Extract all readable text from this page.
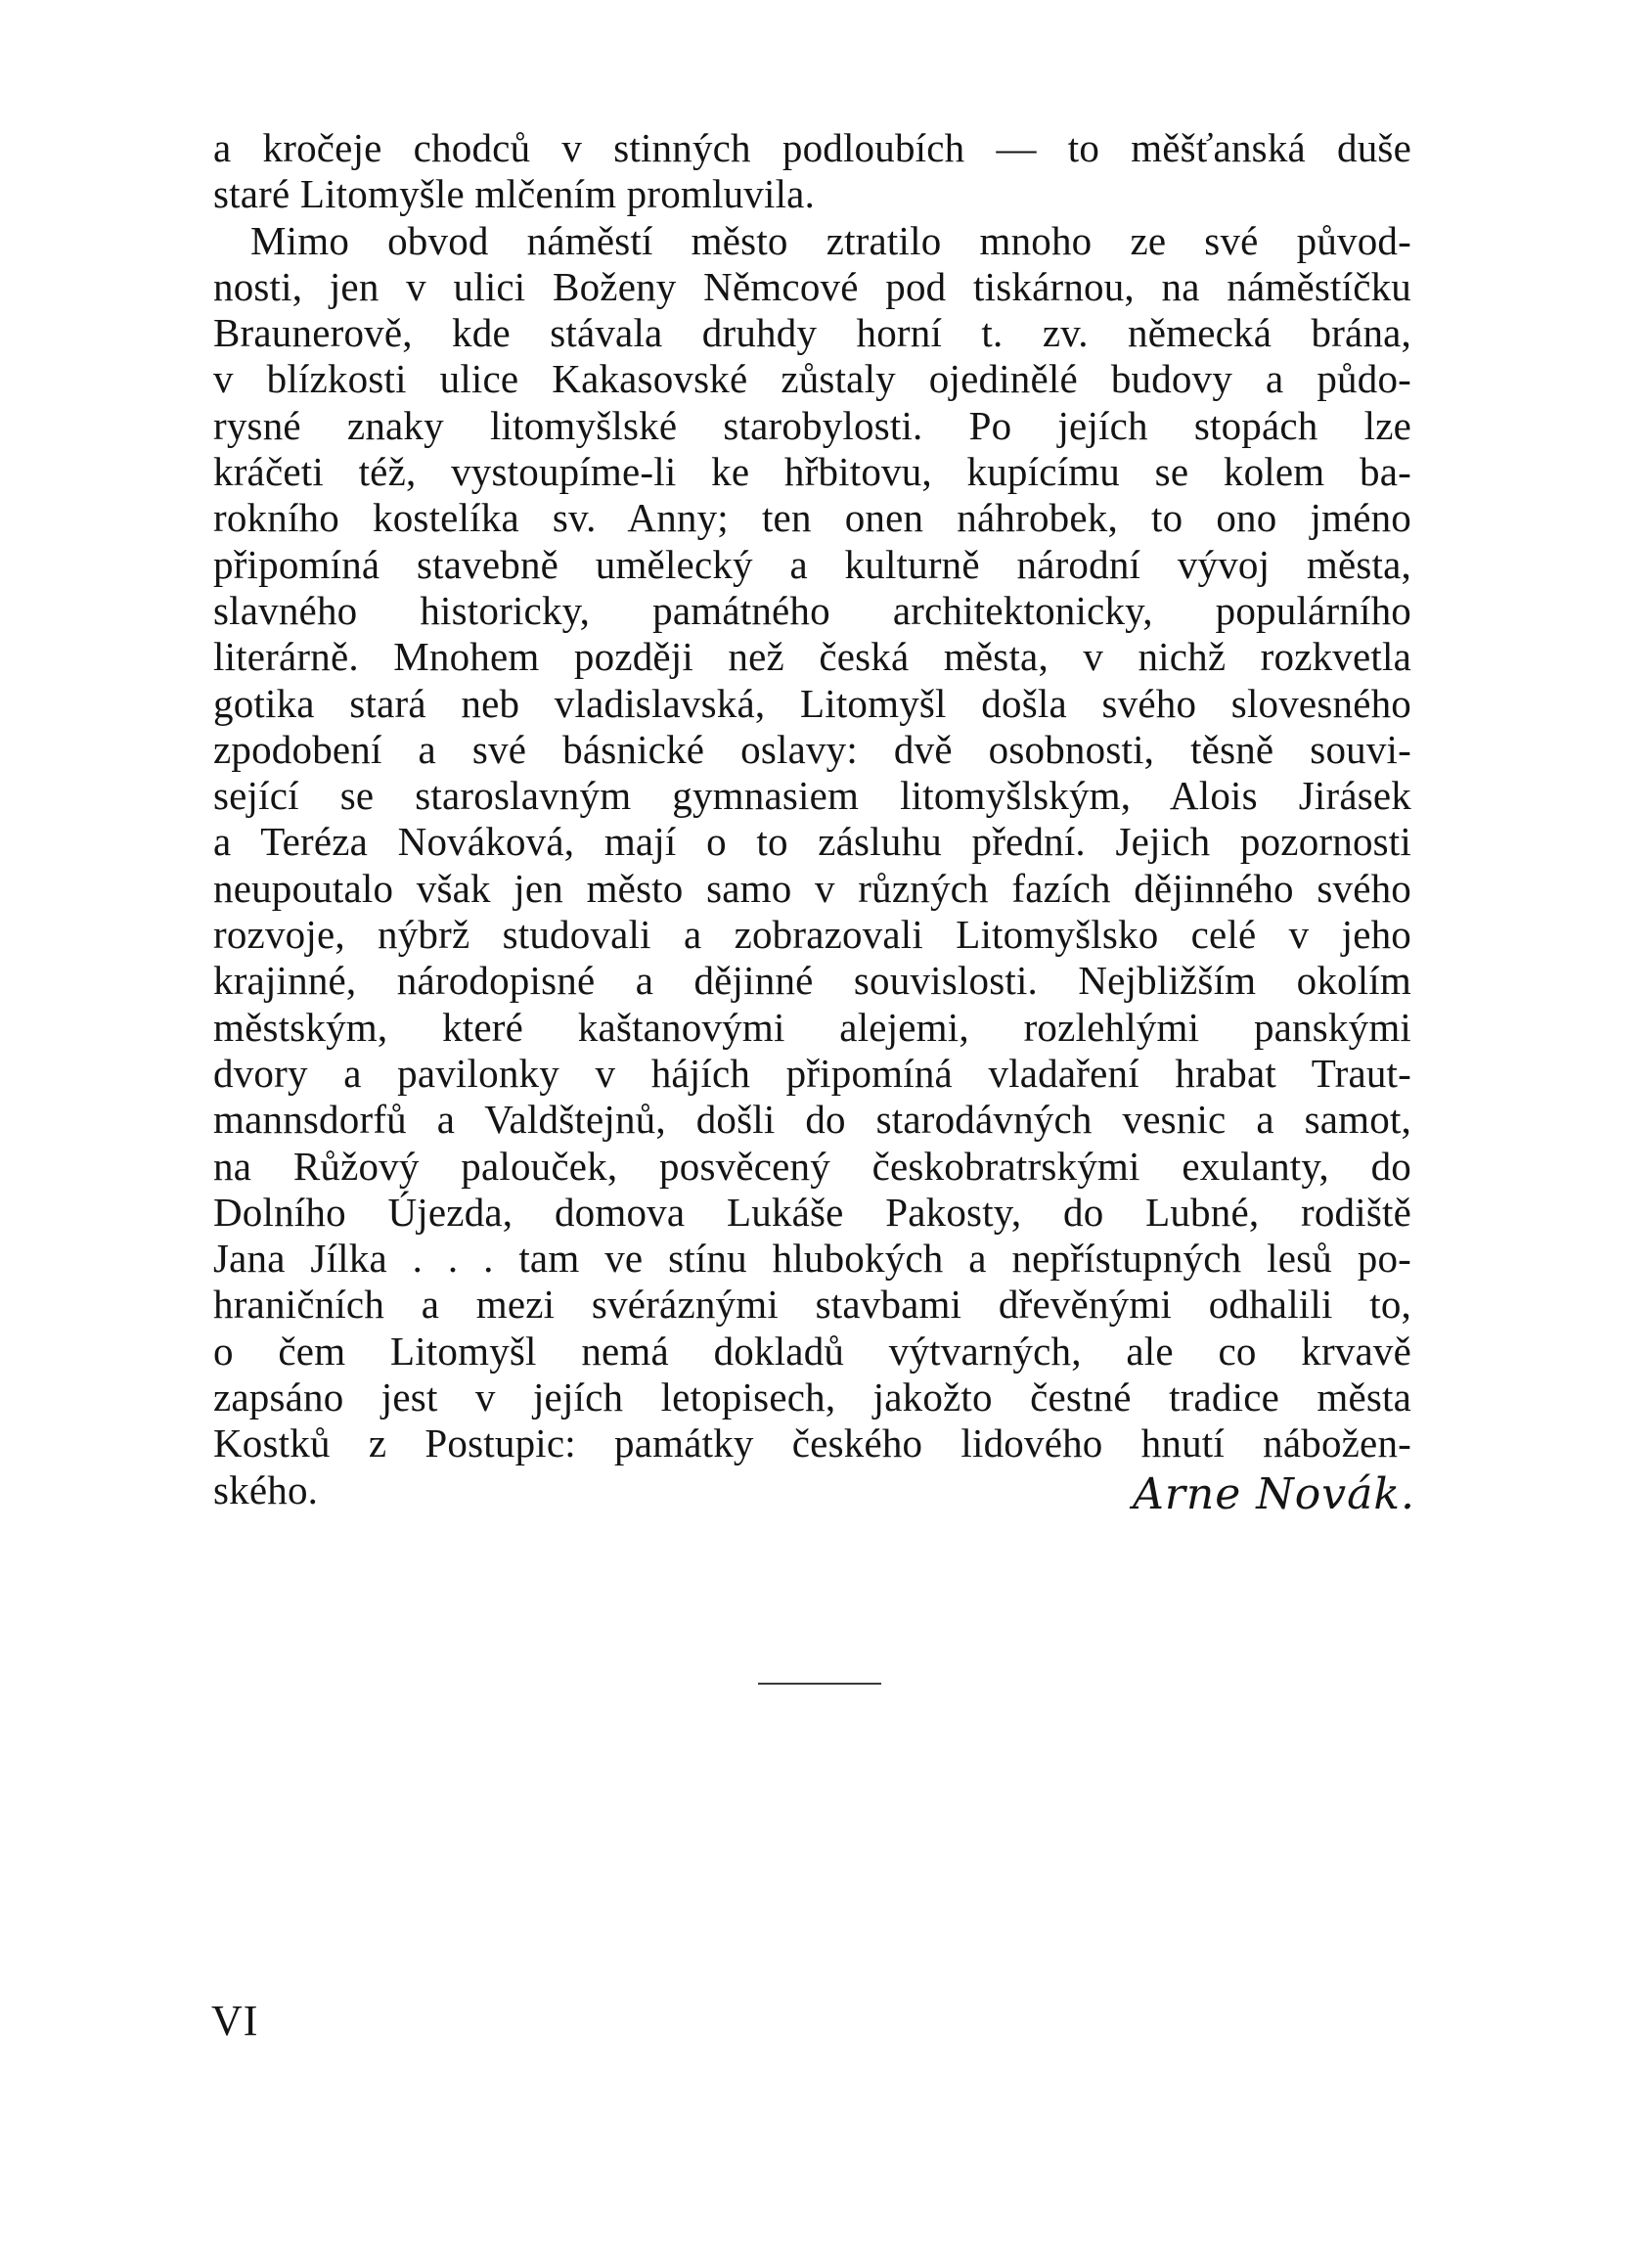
a kročeje chodců v stinných podloubích — to měšťanská duše
staré Litomyšle mlčením promluvila.
Mimo obvod náměstí město ztratilo mnoho ze své původ-
nosti, jen v ulici Boženy Němcové pod tiskárnou, na náměstíčku
Braunerově, kde stávala druhdy horní t. zv. německá brána,
v blízkosti ulice Kakasovské zůstaly ojedinělé budovy a půdo-
rysné znaky litomyšlské starobylosti. Po jejích stopách lze
kráčeti též, vystoupíme-li ke hřbitovu, kupícímu se kolem ba-
rokního kostelíka sv. Anny; ten onen náhrobek, to ono jméno
připomíná stavebně umělecký a kulturně národní vývoj města,
slavného historicky, památného architektonicky, populárního
literárně. Mnohem později než česká města, v nichž rozkvetla
gotika stará neb vladislavská, Litomyšl došla svého slovesného
zpodobení a své básnické oslavy: dvě osobnosti, těsně souvi-
sející se staroslavným gymnasiem litomyšlským, Alois Jirásek
a Teréza Nováková, mají o to zásluhu přední. Jejich pozornosti
neupoutalo však jen město samo v různých fazích dějinného svého
rozvoje, nýbrž studovali a zobrazovali Litomyšlsko celé v jeho
krajinné, národopisné a dějinné souvislosti. Nejbližším okolím
městským, které kaštanovými alejemi, rozlehlými panskými
dvory a pavilonky v hájích připomíná vladaření hrabat Traut-
mannsdorfů a Valdštejnů, došli do starodávných vesnic a samot,
na Růžový palouček, posvěcený českobratrskými exulanty, do
Dolního Újezda, domova Lukáše Pakosty, do Lubné, rodiště
Jana Jílka . . . tam ve stínu hlubokých a nepřístupných lesů po-
hraničních a mezi svéráznými stavbami dřevěnými odhalili to,
o čem Litomyšl nemá dokladů výtvarných, ale co krvavě
zapsáno jest v jejích letopisech, jakožto čestné tradice města
Kostků z Postupic: památky českého lidového hnutí nábožen-
ského.	Arne Novák.
VI
